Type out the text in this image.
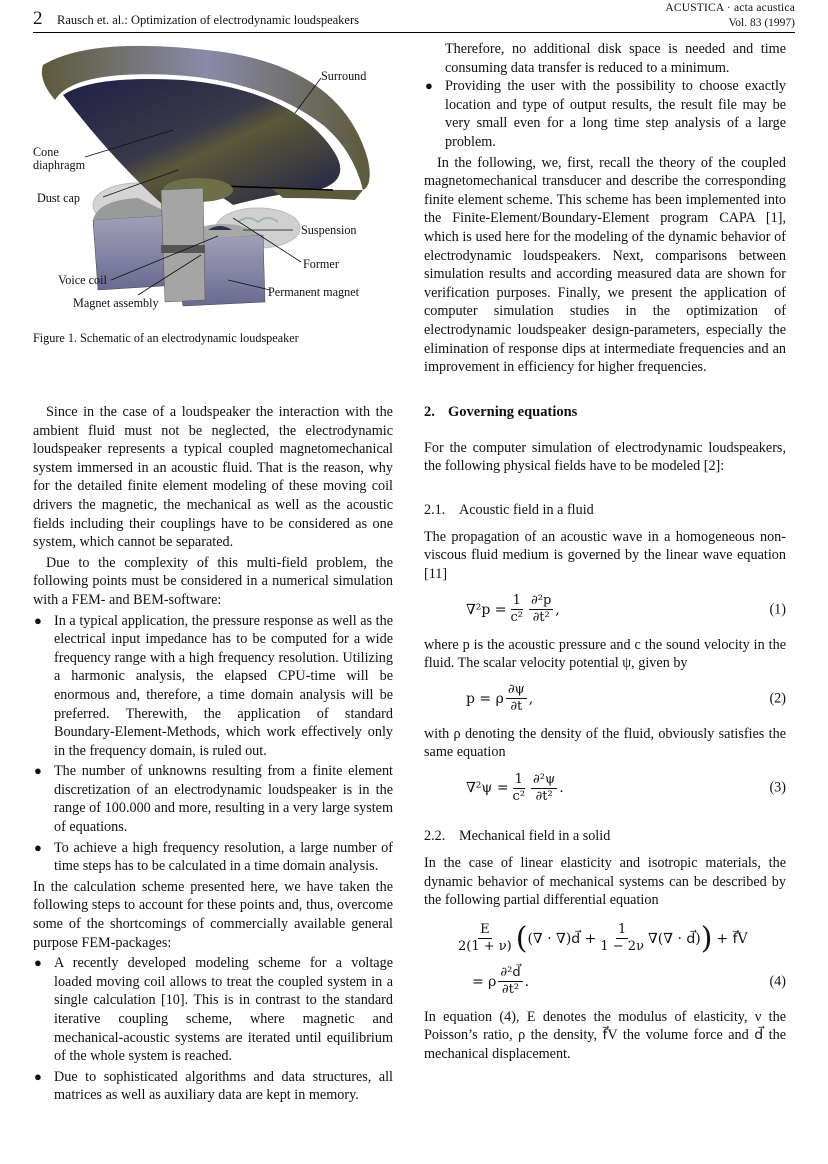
2 Rausch et. al.: Optimization of electrodynamic loudspeakers
ACUSTICA · acta acustica
Vol. 83 (1997)
Surround
Cone
diaphragm
Dust cap
Suspension
Former
Voice coil
Permanent magnet
Magnet assembly
Figure 1. Schematic of an electrodynamic loudspeaker

Since in the case of a loudspeaker the interaction with the ambient fluid must not be neglected, the electrodynamic loudspeaker represents a typical coupled magnetomechanical system immersed in an acoustic fluid. That is the reason, why for the detailed finite element modeling of these moving coil drivers the magnetic, the mechanical as well as the acoustic fields including their couplings have to be considered as one system, which cannot be separated.

Due to the complexity of this multi-field problem, the following points must be considered in a numerical simulation with a FEM- and BEM-software:

● In a typical application, the pressure response as well as the electrical input impedance has to be computed for a wide frequency range with a high frequency resolution. Utilizing a harmonic analysis, the elapsed CPU-time will be enormous and, therefore, a time domain analysis will be preferred. Therewith, the application of standard Boundary-Element-Methods, which work effectively only in the frequency domain, is ruled out.
● The number of unknowns resulting from a finite element discretization of an electrodynamic loudspeaker is in the range of 100.000 and more, resulting in a very large system of equations.
● To achieve a high frequency resolution, a large number of time steps has to be calculated in a time domain analysis.

In the calculation scheme presented here, we have taken the following steps to account for these points and, thus, overcome some of the shortcomings of commercially available general purpose FEM-packages:

● A recently developed modeling scheme for a voltage loaded moving coil allows to treat the coupled system in a single calculation [10]. This is in contrast to the standard iterative coupling scheme, where magnetic and mechanical-acoustic systems are iterated until equilibrium of the whole system is reached.
● Due to sophisticated algorithms and data structures, all matrices as well as auxiliary data are kept in memory.

Therefore, no additional disk space is needed and time consuming data transfer is reduced to a minimum.

● Providing the user with the possibility to choose exactly location and type of output results, the result file may be very small even for a long time step analysis of a large problem.

In the following, we, first, recall the theory of the coupled magnetomechanical transducer and describe the corresponding finite element scheme. This scheme has been implemented into the Finite-Element/Boundary-Element program CAPA [1], which is used here for the modeling of the dynamic behavior of electrodynamic loudspeakers. Next, comparisons between simulation results and according measured data are shown for verification purposes. Finally, we present the application of computer simulation studies in the optimization of electrodynamic loudspeaker design-parameters, especially the elimination of response dips at intermediate frequencies and an improvement in efficiency for higher frequencies.

2. Governing equations

For the computer simulation of electrodynamic loudspeakers, the following physical fields have to be modeled [2]:

2.1. Acoustic field in a fluid

The propagation of an acoustic wave in a homogeneous non-viscous fluid medium is governed by the linear wave equation [11]

$\nabla^2p = \frac{1}{\text{c²}} \frac{\text{∂²p}}{\text{∂t²}}$ ,	(1)

where p is the acoustic pressure and c the sound velocity in the fluid. The scalar velocity potential ψ, given by

p = ρ $\frac{\partial\psi}{\partial t}$ ,	(2)

with ρ denoting the density of the fluid, obviously satisfies the same equation

$\nabla^2\psi = \frac{1}{\text{c²}} \frac{\text{∂²ψ}}{\text{∂t²}}$ .	(3)
2.2. Mechanical field in a solid

In the case of linear elasticity and isotropic materials, the dynamic behavior of mechanical systems can be described by the following partial differential equation

$\frac{E}{2(1 + \nu)}$ ( (∇ · ∇)d⃗ + $\frac{1}{1 - 2\nu}$ ∇(∇ · d⃗) ) + f⃗V
= ρ $\frac{\text{∂²d⃗}}{\text{∂t²}}$ .	(4)

In equation (4), E denotes the modulus of elasticity, ν the Poisson’s ratio, ρ the density, f⃗V the volume force and d⃗ the mechanical displacement.
